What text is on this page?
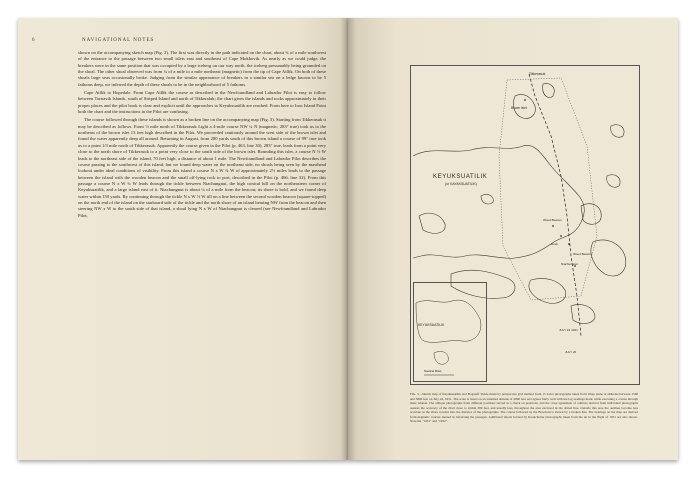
6	NAVIGATIONAL NOTES

shown on the accompanying sketch map (Fig. 3). The first was directly in the path indicated on the chart, about ¾ of a mile southwest of the entrance to the passage between two small islets east and southeast of Cape Mokkovik. As nearly as we could judge, the breakers were in the same position that was occupied by a large iceberg on our way north, the iceberg presumably being grounded on the shoal. The other shoal observed was from ¼ of a mile to a mile northeast (magnetic) from the tip of Cape Aillik. On both of these shoals large seas occasionally broke. Judging from the similar appearance of breakers in a similar sea on a ledge known to be 5 fathoms deep, we inferred the depth of these shoals to be in the neighborhood of 5 fathoms.

Cape Aillik to Hopedale. From Cape Aillik the course as described in the Newfoundland and Labrador Pilot is easy to follow between Turnavik Islands, south of Striped Island and north of Tikkeraluk; the chart gives the islands and rocks approximately in their proper places and the pilot book is clear and explicit until the approaches to Keyuksuatilik are reached. From here to Iron Island Point both the chart and the instructions in the Pilot are confusing.

The course followed through these islands is shown as a broken line on the accompanying map (Fig. 3). Starting from Tikkerasuk it may be described as follows. From ½ mile north of Tikkerasuk Light a 4-mile course NW ¼ N (magnetic; 283° true) took us to the northeast of the brown islet 13 feet high described in the Pilot. We proceeded cautiously around the west side of the brown islet and found the water apparently deep all around. Returning in August, from 200 yards south of this brown island a course of 99° true took us to a point 1/3 mile north of Tikkerasuk. Apparently the course given in the Pilot (p. 463, line 30), 283° true, leads from a point very close to the north shore of Tikkerasuk to a point very close to the south side of the brown islet. Rounding this islet, a course N ½ W leads to the northeast side of the island, 70 feet high, a distance of about 1 mile. The Newfoundland and Labrador Pilot describes the course passing to the southwest of this island, but we found deep water on the northeast side, no shoals being seen by the masthead lookout under ideal conditions of visibility. From this island a course N x W ¾ W of approximately 2½ miles leads to the passage between the island with the wooden beacon and the small off-lying rock to port, described in the Pilot (p. 466, line 32). From this passage a course N x W ¾ W leads through the tickle between Niachungnut, the high conical hill on the northeastern corner of Keyuksuatilik, and a large island east of it. Niachungnut is about ¼ of a mile from the beacon; its shore is bold, and we found deep water within 150 yards. By continuing through the tickle N x W ½ W till on a line between the second wooden beacon (square-topped) on the north end of the island on the starboard side of the tickle and the north shore of an island bearing NW from the beacon and then steering NW x W to the south side of that island, a shoal lying N x W of Niachungnut is cleared (see Newfoundland and Labrador Pilot,

Tikkerasuk
Brown Islet
KEYUKSUATILIK
(or KAYAKSUATILIK)
Wood Beacon
Wood Beacon
Rock
Niachungnut
JULY 19 1931
JULY 20
KEYUKSUATILIK
Nautical Miles
FIG. 3—Sketch map of Keyuksuatilik and Flagstaff Tickle made by perspective grid method from 15 Leica photographs taken from Wasp plane at altitudes between 1500 and 3000 feet on July 24, 1931. The scale is based on an assumed altitude of 2800 feet and agrees fairly well with the log readings made while executing a course through these islands. The oblique photographs from different positions served as a check on positions, and the close agreement of outlines derived from individual photographs assures the accuracy of the chart close to within 300 feet, and usually less, throughout the area enclosed in the dotted line. Outside this area the outlines become less accurate as the shore recedes into the distance of the photographs. The course followed by the Bowdoin is shown by a broken line. The bearings on the map are derived from magnetic courses steered in traversing the passages. Additional shoals located by Koekcherter photographs taken from the air in the flight of 1931 are also shown. Note the "1931" and "1932".
